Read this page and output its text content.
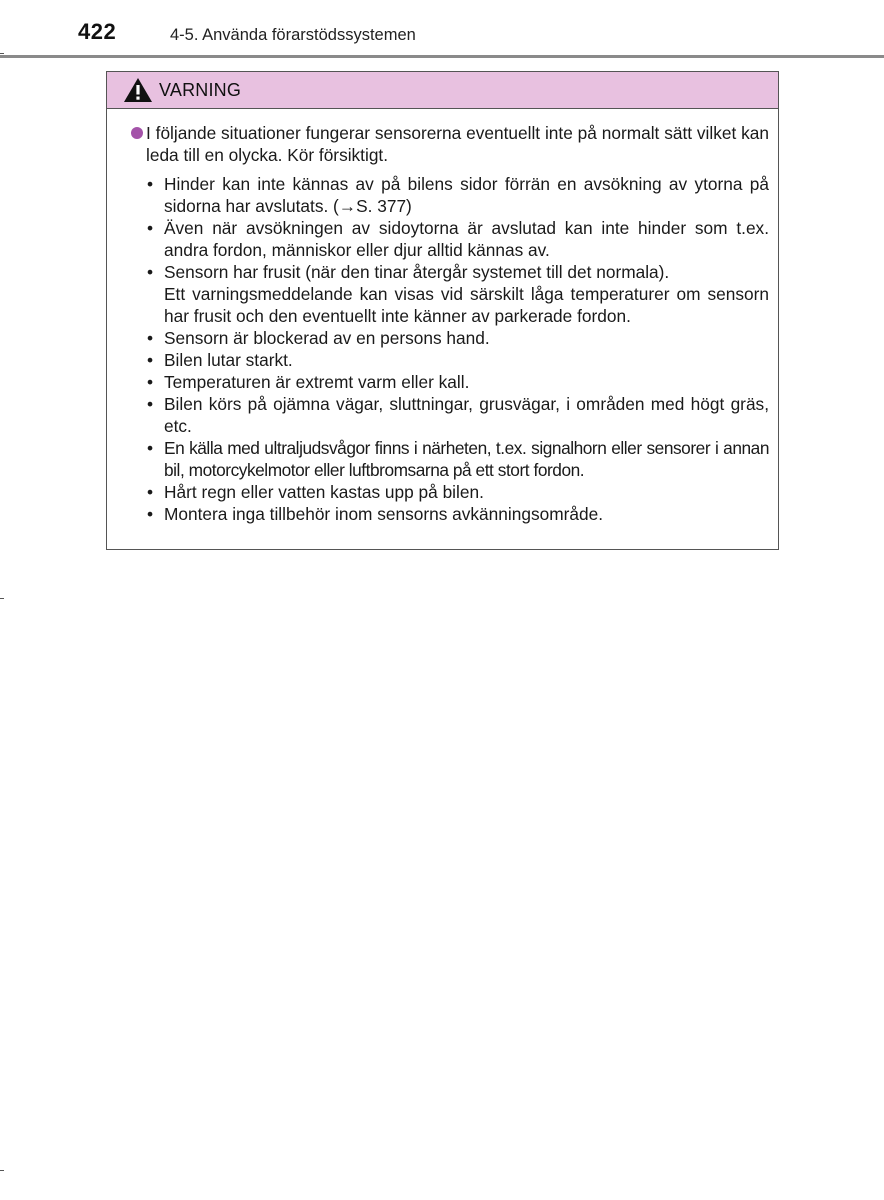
422	4-5. Använda förarstödssystemen
VARNING
I följande situationer fungerar sensorerna eventuellt inte på normalt sätt vilket kan leda till en olycka. Kör försiktigt.
• Hinder kan inte kännas av på bilens sidor förrän en avsökning av ytorna på sidorna har avslutats. (→S. 377)
• Även när avsökningen av sidoytorna är avslutad kan inte hinder som t.ex. andra fordon, människor eller djur alltid kännas av.
• Sensorn har frusit (när den tinar återgår systemet till det normala).
Ett varningsmeddelande kan visas vid särskilt låga temperaturer om sensorn har frusit och den eventuellt inte känner av parkerade fordon.
• Sensorn är blockerad av en persons hand.
• Bilen lutar starkt.
• Temperaturen är extremt varm eller kall.
• Bilen körs på ojämna vägar, sluttningar, grusvägar, i områden med högt gräs, etc.
• En källa med ultraljudsvågor finns i närheten, t.ex. signalhorn eller sensorer i annan bil, motorcykelmotor eller luftbromsarna på ett stort fordon.
• Hårt regn eller vatten kastas upp på bilen.
• Montera inga tillbehör inom sensorns avkänningsområde.
